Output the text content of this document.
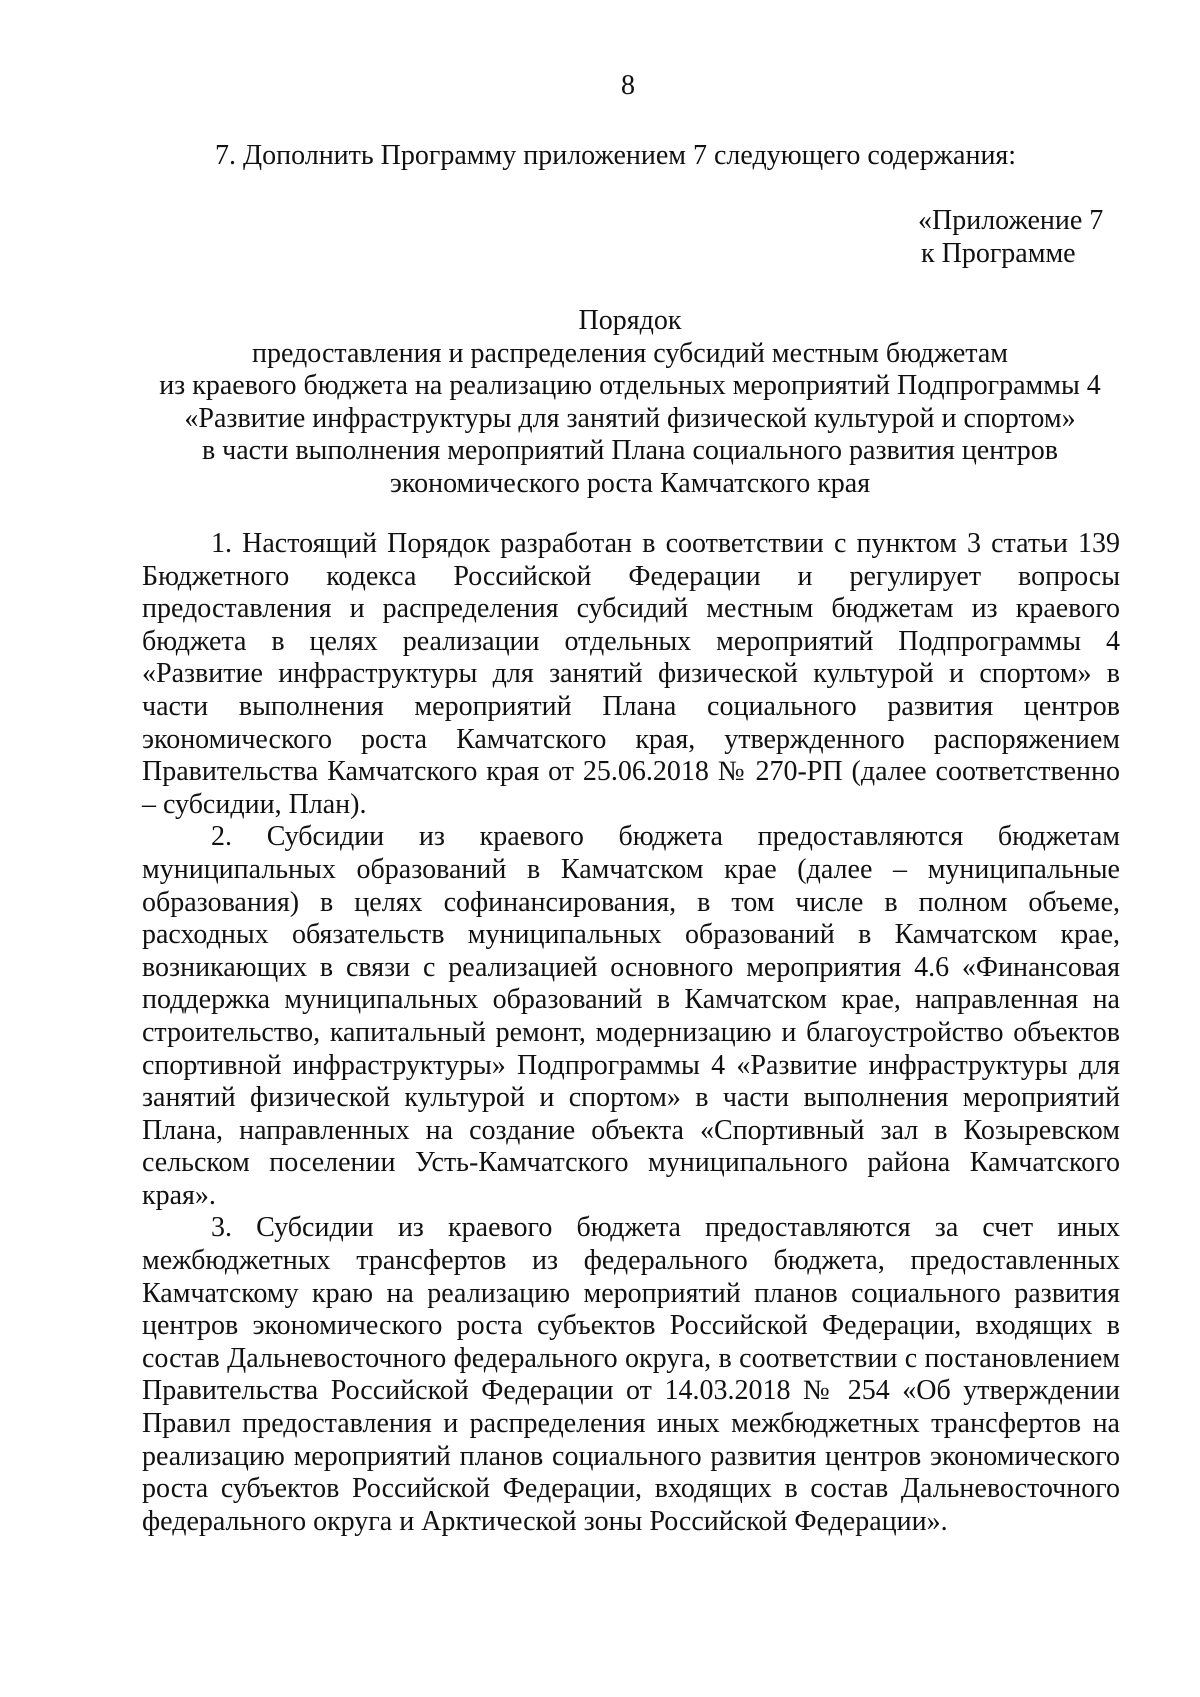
8
7. Дополнить Программу приложением 7 следующего содержания:
«Приложение 7
к Программе
Порядок
предоставления и распределения субсидий местным бюджетам
из краевого бюджета на реализацию отдельных мероприятий Подпрограммы 4
«Развитие инфраструктуры для занятий физической культурой и спортом»
в части выполнения мероприятий Плана социального развития центров
экономического роста Камчатского края

1. Настоящий Порядок разработан в соответствии с пунктом 3 статьи 139 Бюджетного кодекса Российской Федерации и регулирует вопросы предоставления и распределения субсидий местным бюджетам из краевого бюджета в целях реализации отдельных мероприятий Подпрограммы 4 «Развитие инфраструктуры для занятий физической культурой и спортом» в части выполнения мероприятий Плана социального развития центров экономического роста Камчатского края, утвержденного распоряжением Правительства Камчатского края от 25.06.2018 № 270-РП (далее соответственно – субсидии, План).

2. Субсидии из краевого бюджета предоставляются бюджетам муниципальных образований в Камчатском крае (далее – муниципальные образования) в целях софинансирования, в том числе в полном объеме, расходных обязательств муниципальных образований в Камчатском крае, возникающих в связи с реализацией основного мероприятия 4.6 «Финансовая поддержка муниципальных образований в Камчатском крае, направленная на строительство, капитальный ремонт, модернизацию и благоустройство объектов спортивной инфраструктуры» Подпрограммы 4 «Развитие инфраструктуры для занятий физической культурой и спортом» в части выполнения мероприятий Плана, направленных на создание объекта «Спортивный зал в Козыревском сельском поселении Усть-Камчатского муниципального района Камчатского края».

3. Субсидии из краевого бюджета предоставляются за счет иных межбюджетных трансфертов из федерального бюджета, предоставленных Камчатскому краю на реализацию мероприятий планов социального развития центров экономического роста субъектов Российской Федерации, входящих в состав Дальневосточного федерального округа, в соответствии с постановлением Правительства Российской Федерации от 14.03.2018 № 254 «Об утверждении Правил предоставления и распределения иных межбюджетных трансфертов на реализацию мероприятий планов социального развития центров экономического роста субъектов Российской Федерации, входящих в состав Дальневосточного федерального округа и Арктической зоны Российской Федерации».
